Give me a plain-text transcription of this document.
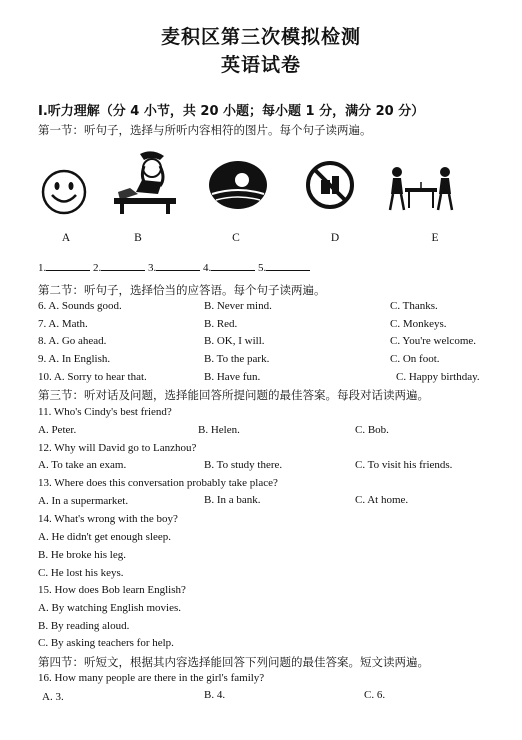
麦积区第三次模拟检测
英语试卷
Ⅰ.听力理解（分 4 小节，共 20 小题；每小题 1 分，满分 20 分）
第一节：听句子，选择与所听内容相符的图片。每个句子读两遍。
A	B	C	D	E
1.	2.	3.	4.	5.
第二节：听句子，选择恰当的应答语。每个句子读两遍。
6. A. Sounds good.	B. Never mind.	C. Thanks.
7. A. Math.	B. Red.	C. Monkeys.
8. A. Go ahead.	B. OK, I will.	C. You're welcome.
9. A. In English.	B. To the park.	C. On foot.
10. A. Sorry to hear that.	B. Have fun.	C. Happy birthday.
第三节：听对话及问题，选择能回答所提问题的最佳答案。每段对话读两遍。
11. Who's Cindy's best friend?
A. Peter.	B. Helen.	C. Bob.
12. Why will David go to Lanzhou?
A. To take an exam.	B. To study there.	C. To visit his friends.
13. Where does this conversation probably take place?
A. In a supermarket.	B. In a bank.	C. At home.
14. What's wrong with the boy?
A. He didn't get enough sleep.
B. He broke his leg.
C. He lost his keys.
15. How does Bob learn English?
A. By watching English movies.
B. By reading aloud.
C. By asking teachers for help.
第四节：听短文，根据其内容选择能回答下列问题的最佳答案。短文读两遍。
16. How many people are there in the girl's family?
A. 3.	B. 4.	C. 6.
